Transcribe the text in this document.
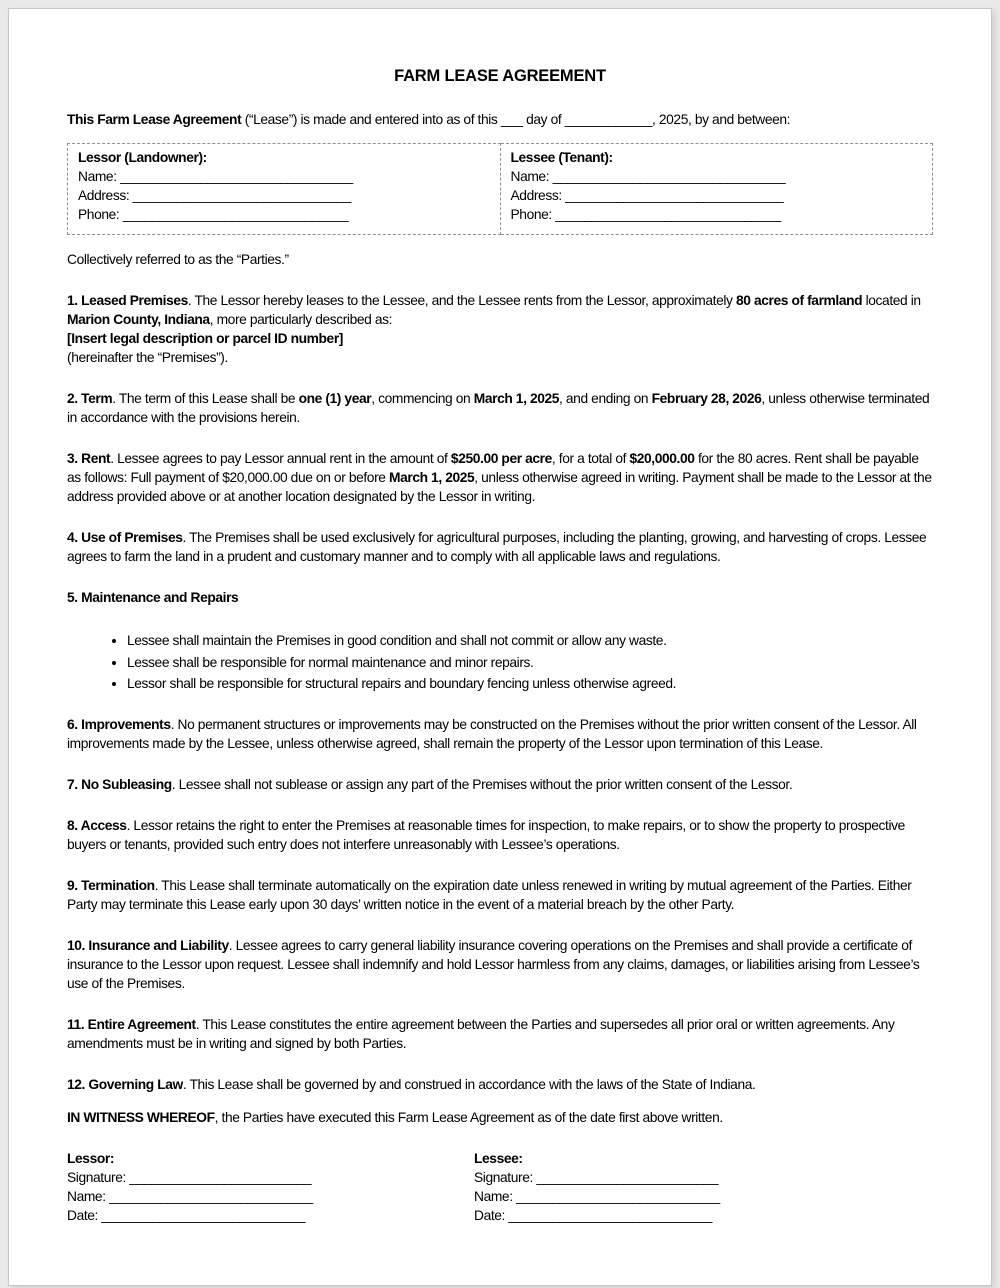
FARM LEASE AGREEMENT

This Farm Lease Agreement (“Lease”) is made and entered into as of this ___ day of ____________, 2025, by and between:

Lessor (Landowner):
Name: ________________________________
Address: ______________________________
Phone: _______________________________

Lessee (Tenant):
Name: ________________________________
Address: ______________________________
Phone: _______________________________

Collectively referred to as the “Parties.”

1. Leased Premises. The Lessor hereby leases to the Lessee, and the Lessee rents from the Lessor, approximately 80 acres of farmland located in Marion County, Indiana, more particularly described as:
[Insert legal description or parcel ID number]
(hereinafter the “Premises”).

2. Term. The term of this Lease shall be one (1) year, commencing on March 1, 2025, and ending on February 28, 2026, unless otherwise terminated in accordance with the provisions herein.

3. Rent. Lessee agrees to pay Lessor annual rent in the amount of $250.00 per acre, for a total of $20,000.00 for the 80 acres. Rent shall be payable as follows: Full payment of $20,000.00 due on or before March 1, 2025, unless otherwise agreed in writing. Payment shall be made to the Lessor at the address provided above or at another location designated by the Lessor in writing.

4. Use of Premises. The Premises shall be used exclusively for agricultural purposes, including the planting, growing, and harvesting of crops. Lessee agrees to farm the land in a prudent and customary manner and to comply with all applicable laws and regulations.

5. Maintenance and Repairs

• Lessee shall maintain the Premises in good condition and shall not commit or allow any waste.
• Lessee shall be responsible for normal maintenance and minor repairs.
• Lessor shall be responsible for structural repairs and boundary fencing unless otherwise agreed.

6. Improvements. No permanent structures or improvements may be constructed on the Premises without the prior written consent of the Lessor. All improvements made by the Lessee, unless otherwise agreed, shall remain the property of the Lessor upon termination of this Lease.

7. No Subleasing. Lessee shall not sublease or assign any part of the Premises without the prior written consent of the Lessor.

8. Access. Lessor retains the right to enter the Premises at reasonable times for inspection, to make repairs, or to show the property to prospective buyers or tenants, provided such entry does not interfere unreasonably with Lessee’s operations.

9. Termination. This Lease shall terminate automatically on the expiration date unless renewed in writing by mutual agreement of the Parties. Either Party may terminate this Lease early upon 30 days’ written notice in the event of a material breach by the other Party.

10. Insurance and Liability. Lessee agrees to carry general liability insurance covering operations on the Premises and shall provide a certificate of insurance to the Lessor upon request. Lessee shall indemnify and hold Lessor harmless from any claims, damages, or liabilities arising from Lessee’s use of the Premises.

11. Entire Agreement. This Lease constitutes the entire agreement between the Parties and supersedes all prior oral or written agreements. Any amendments must be in writing and signed by both Parties.

12. Governing Law. This Lease shall be governed by and construed in accordance with the laws of the State of Indiana.

IN WITNESS WHEREOF, the Parties have executed this Farm Lease Agreement as of the date first above written.

Lessor:
Signature: _________________________
Name: ____________________________
Date: ____________________________
Lessee:
Signature: _________________________
Name: ____________________________
Date: ____________________________
